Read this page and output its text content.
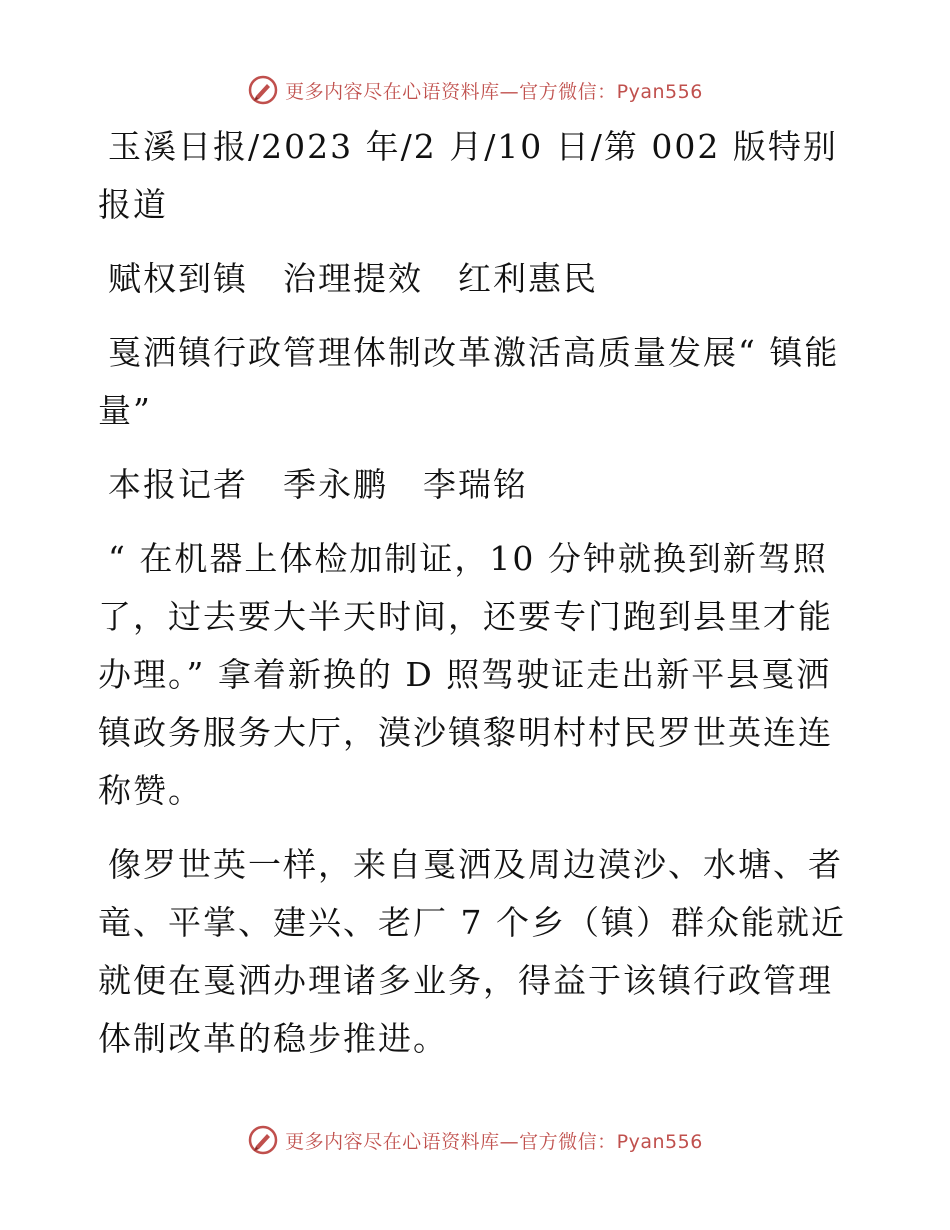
更多内容尽在心语资料库—官方微信：Pyan556

玉溪日报/2023 年/2 月/10 日/第 002 版特别报道

赋权到镇　治理提效　红利惠民

戛洒镇行政管理体制改革激活高质量发展“ 镇能量”

本报记者　季永鹏　李瑞铭

“ 在机器上体检加制证，10 分钟就换到新驾照了，过去要大半天时间，还要专门跑到县里才能办理。” 拿着新换的 D 照驾驶证走出新平县戛洒镇政务服务大厅，漠沙镇黎明村村民罗世英连连称赞。

像罗世英一样，来自戛洒及周边漠沙、水塘、者竜、平掌、建兴、老厂 7 个乡（镇）群众能就近就便在戛洒办理诸多业务，得益于该镇行政管理体制改革的稳步推进。

更多内容尽在心语资料库—官方微信：Pyan556
